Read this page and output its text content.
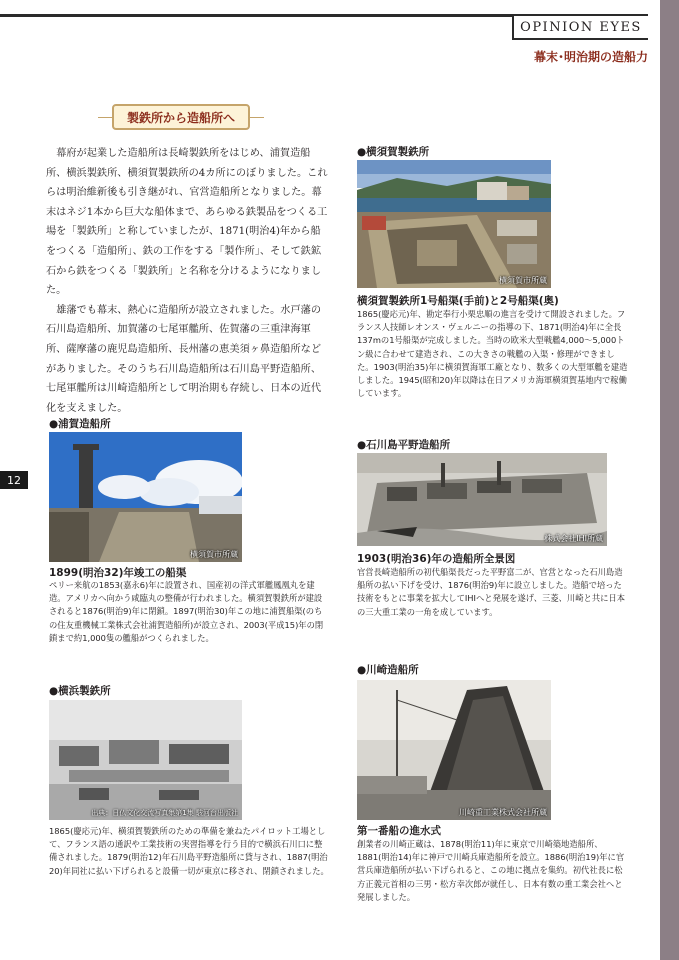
OPINION EYES
幕末･明治期の造船力
12
製鉄所から造船所へ

幕府が起業した造船所は長崎製鉄所をはじめ、浦賀造船所、横浜製鉄所、横須賀製鉄所の4カ所にのぼりました。これらは明治維新後も引き継がれ、官営造船所となりました。幕末はネジ1本から巨大な船体まで、あらゆる鉄製品をつくる工場を「製鉄所」と称していましたが、1871(明治4)年から船をつくる「造船所」、鉄の工作をする「製作所」、そして鉄鉱石から鉄をつくる「製鉄所」と名称を分けるようになりました。

雄藩でも幕末、熱心に造船所が設立されました。水戸藩の石川島造船所、加賀藩の七尾軍艦所、佐賀藩の三重津海軍所、薩摩藩の鹿児島造船所、長州藩の恵美須ヶ鼻造船所などがありました。そのうち石川島造船所は石川島平野造船所、七尾軍艦所は川崎造船所として明治期も存続し、日本の近代化を支えました。

●横須賀製鉄所
横須賀市所蔵
横須賀製鉄所1号船渠(手前)と2号船渠(奥)

1865(慶応元)年、勘定奉行小栗忠順の進言を受けて開設されました。フランス人技師レオンス・ヴェルニーの指導の下、1871(明治4)年に全長137mの1号船渠が完成しました。当時の欧米大型戦艦4,000～5,000トン級に合わせて建造され、この大きさの戦艦の入渠・修理ができました。1903(明治35)年に横須賀海軍工廠となり、数多くの大型軍艦を建造しました。1945(昭和20)年以降は在日アメリカ海軍横須賀基地内で稼働しています。

●浦賀造船所
横須賀市所蔵
1899(明治32)年竣工の船渠

ペリー来航の1853(嘉永6)年に設置され、国産初の洋式軍艦鳳凰丸を建造。アメリカへ向かう咸臨丸の整備が行われました。横須賀製鉄所が建設されると1876(明治9)年に閉鎖。1897(明治30)年この地に浦賀船渠(のちの住友重機械工業株式会社浦賀造船所)が設立され、2003(平成15)年の閉鎖まで約1,000隻の艦船がつくられました。

●石川島平野造船所
株式会社IHI所蔵
1903(明治36)年の造船所全景図

官営長崎造船所の初代船渠長だった平野富二が、官営となった石川島造船所の払い下げを受け、1876(明治9)年に設立しました。造船で培った技術をもとに事業を拡大してIHIへと発展を遂げ、三菱、川崎と共に日本の三大重工業の一角を成しています。

●横浜製鉄所
出典：日仏文化交流写真集第1集 駿河台出版社

1865(慶応元)年、横須賀製鉄所のための準備を兼ねたパイロット工場として、フランス語の通訳や工業技術の実習指導を行う目的で横浜石川口に整備されました。1879(明治12)年石川島平野造船所に貸与され、1887(明治20)年同社に払い下げられると設備一切が東京に移され、閉鎖されました。

●川崎造船所
川崎重工業株式会社所蔵
第一番船の進水式

創業者の川崎正蔵は、1878(明治11)年に東京で川崎築地造船所、1881(明治14)年に神戸で川崎兵庫造船所を設立。1886(明治19)年に官営兵庫造船所が払い下げられると、この地に拠点を集約。初代社長に松方正義元首相の三男・松方幸次郎が就任し、日本有数の重工業会社へと発展しました。
